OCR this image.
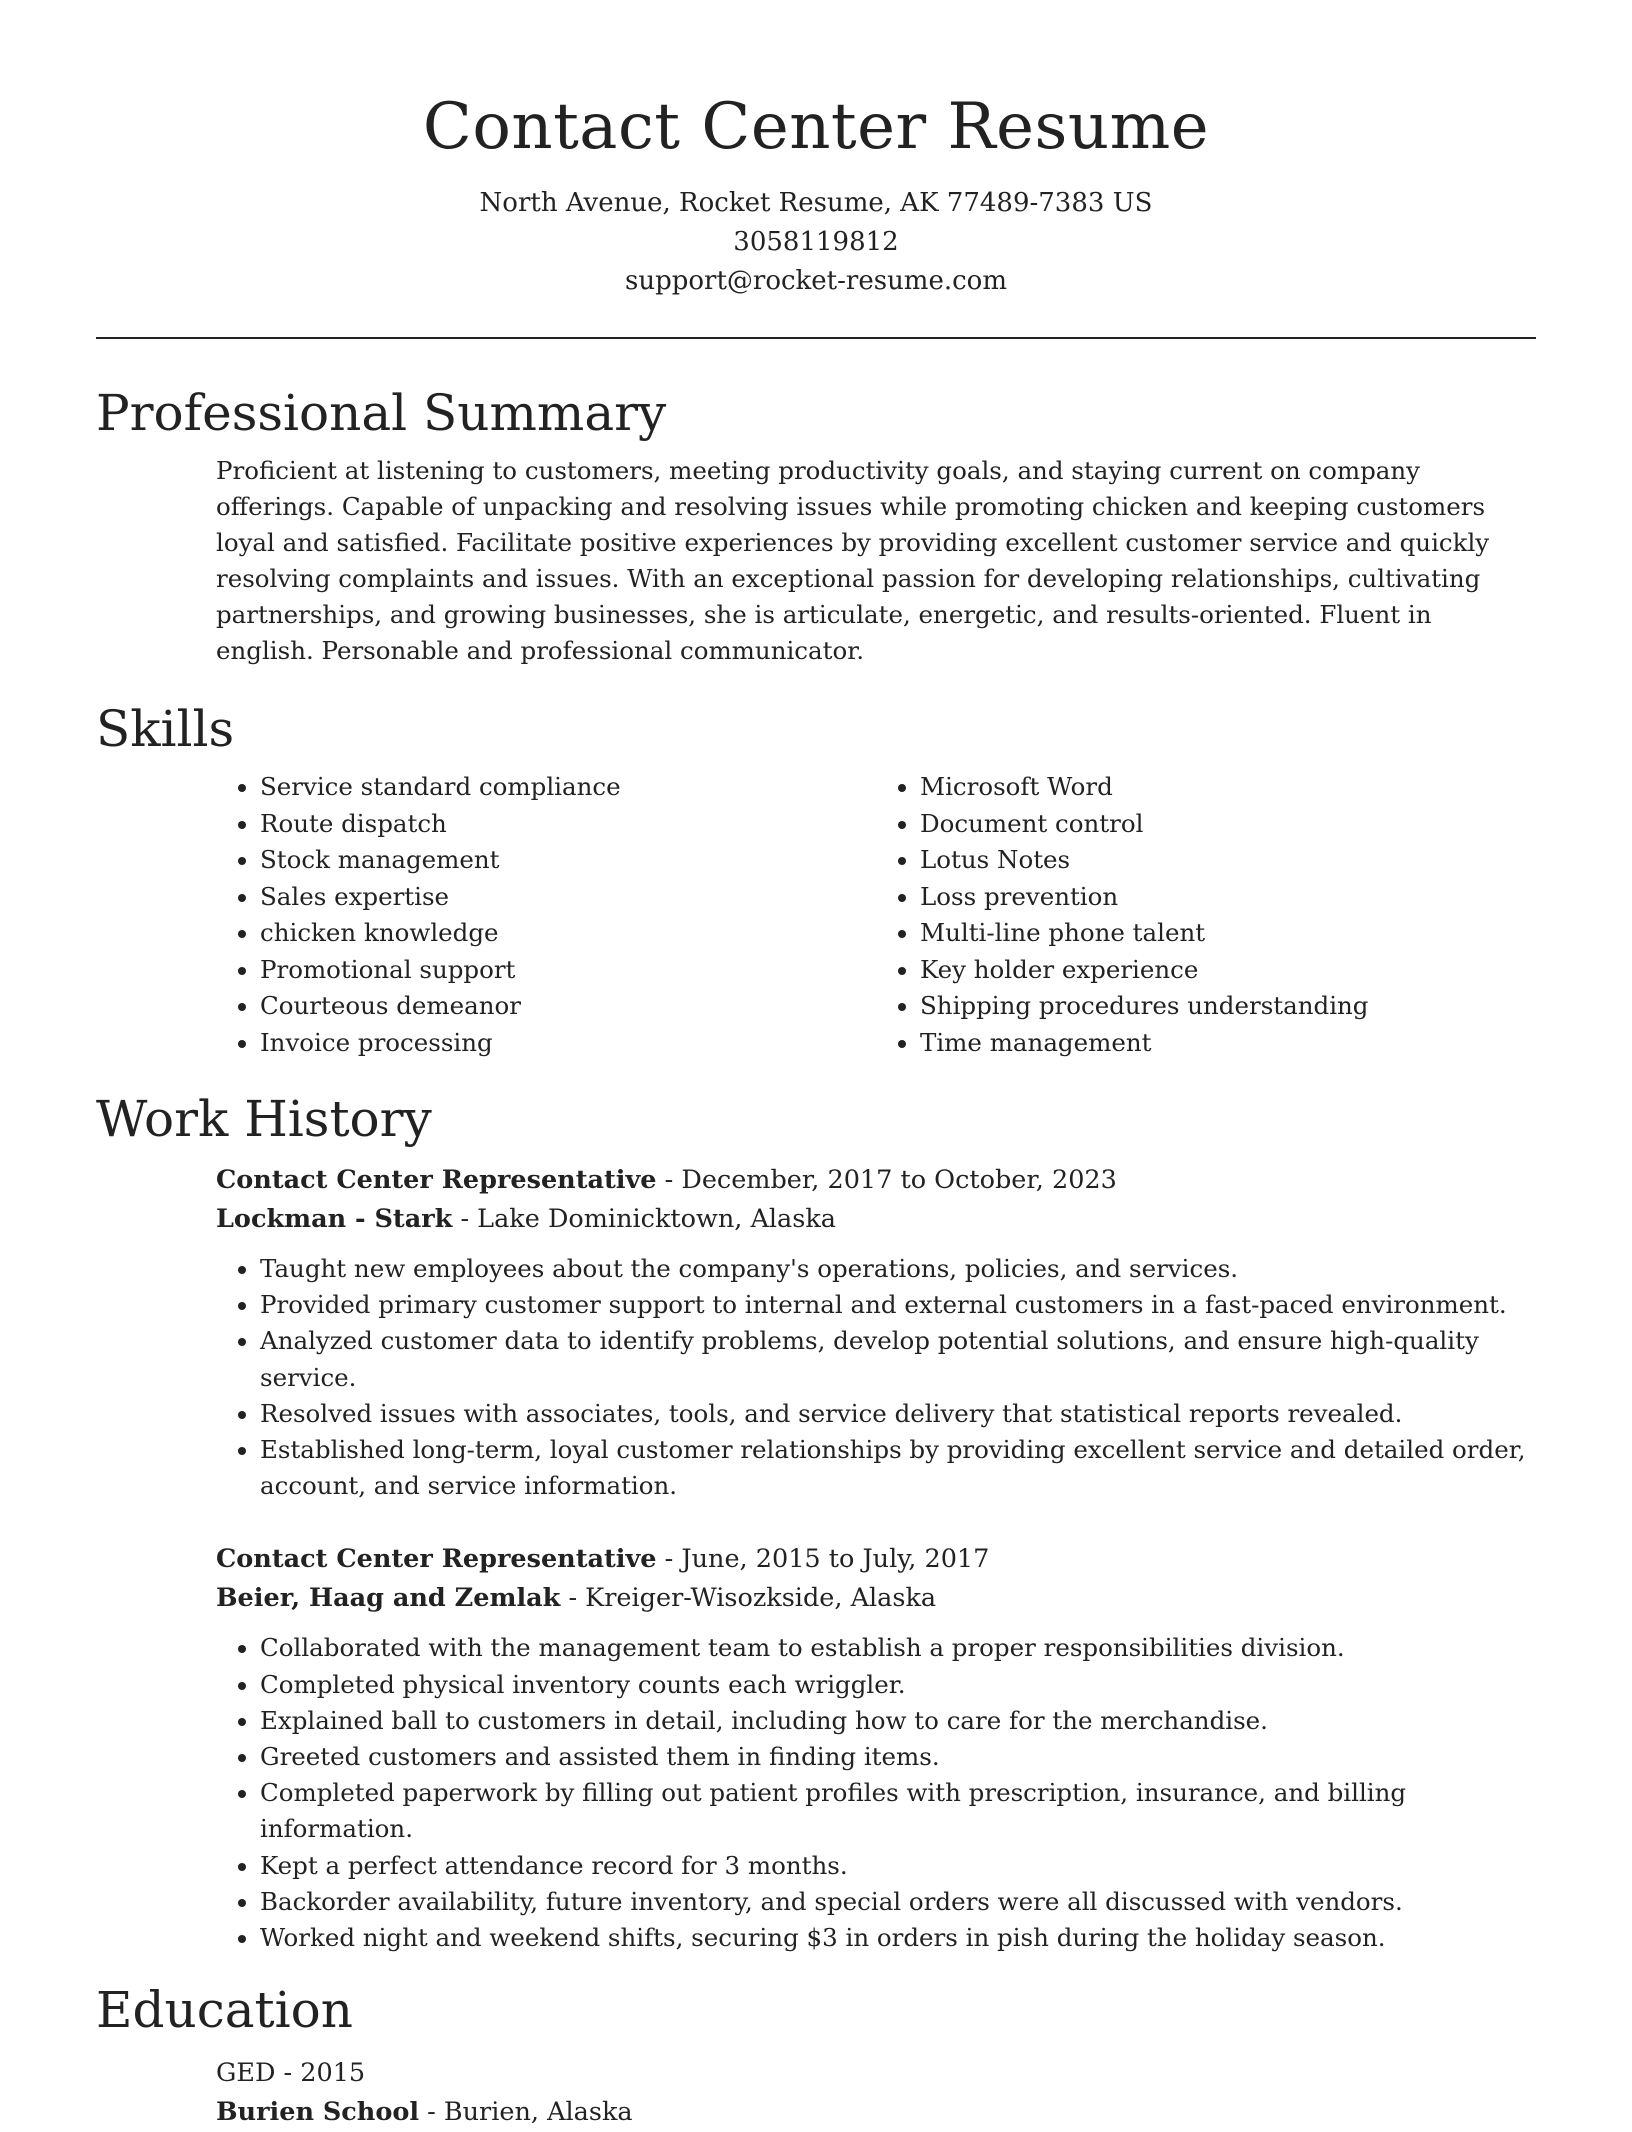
Contact Center Resume

North Avenue, Rocket Resume, AK 77489-7383 US

3058119812

support@rocket-resume.com

Professional Summary

Proficient at listening to customers, meeting productivity goals, and staying current on company offerings. Capable of unpacking and resolving issues while promoting chicken and keeping customers loyal and satisfied. Facilitate positive experiences by providing excellent customer service and quickly resolving complaints and issues. With an exceptional passion for developing relationships, cultivating partnerships, and growing businesses, she is articulate, energetic, and results-oriented. Fluent in english. Personable and professional communicator.

Skills
• Service standard compliance
• Route dispatch
• Stock management
• Sales expertise
• chicken knowledge
• Promotional support
• Courteous demeanor
• Invoice processing
• Microsoft Word
• Document control
• Lotus Notes
• Loss prevention
• Multi-line phone talent
• Key holder experience
• Shipping procedures understanding
• Time management
Work History

Contact Center Representative - December, 2017 to October, 2023

Lockman - Stark - Lake Dominicktown, Alaska

• Taught new employees about the company's operations, policies, and services.
• Provided primary customer support to internal and external customers in a fast-paced environment.
• Analyzed customer data to identify problems, develop potential solutions, and ensure high-quality service.
• Resolved issues with associates, tools, and service delivery that statistical reports revealed.
• Established long-term, loyal customer relationships by providing excellent service and detailed order, account, and service information.

Contact Center Representative - June, 2015 to July, 2017

Beier, Haag and Zemlak - Kreiger-Wisozkside, Alaska

• Collaborated with the management team to establish a proper responsibilities division.
• Completed physical inventory counts each wriggler.
• Explained ball to customers in detail, including how to care for the merchandise.
• Greeted customers and assisted them in finding items.
• Completed paperwork by filling out patient profiles with prescription, insurance, and billing information.
• Kept a perfect attendance record for 3 months.
• Backorder availability, future inventory, and special orders were all discussed with vendors.
• Worked night and weekend shifts, securing $3 in orders in pish during the holiday season.
Education

GED - 2015

Burien School - Burien, Alaska
